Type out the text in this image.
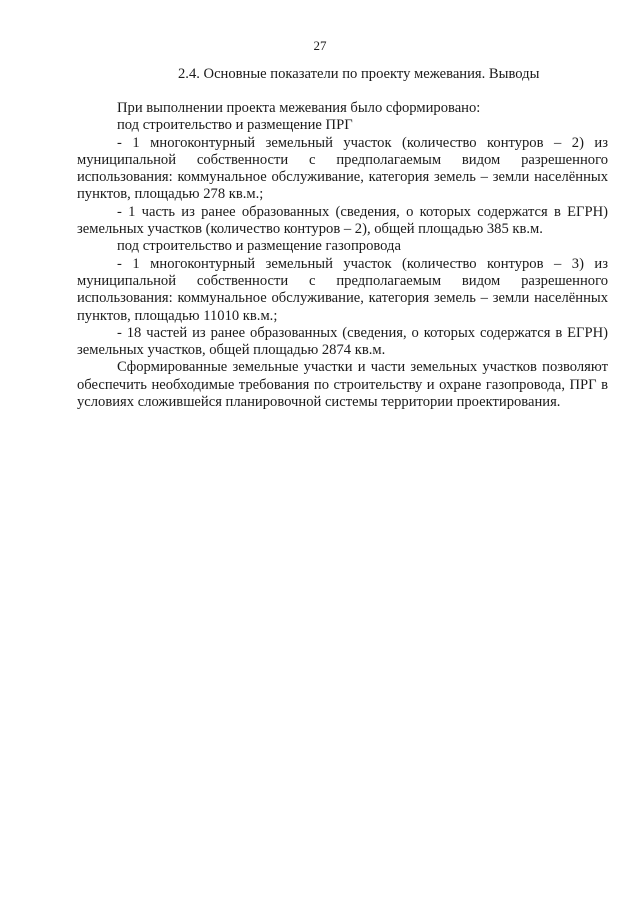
27
2.4. Основные показатели по проекту межевания. Выводы

При выполнении проекта межевания было сформировано:

под строительство и размещение ПРГ

- 1 многоконтурный земельный участок (количество контуров – 2) из муниципальной собственности с предполагаемым видом разрешенного использования: коммунальное обслуживание, категория земель – земли населённых пунктов, площадью 278 кв.м.;

- 1 часть из ранее образованных (сведения, о которых содержатся в ЕГРН) земельных участков (количество контуров – 2), общей площадью 385 кв.м.

под строительство и размещение газопровода

- 1 многоконтурный земельный участок (количество контуров – 3) из муниципальной собственности с предполагаемым видом разрешенного использования: коммунальное обслуживание, категория земель – земли населённых пунктов, площадью 11010 кв.м.;

- 18 частей из ранее образованных (сведения, о которых содержатся в ЕГРН) земельных участков, общей площадью 2874 кв.м.

Сформированные земельные участки и части земельных участков позволяют обеспечить необходимые требования по строительству и охране газопровода, ПРГ в условиях сложившейся планировочной системы территории проектирования.
